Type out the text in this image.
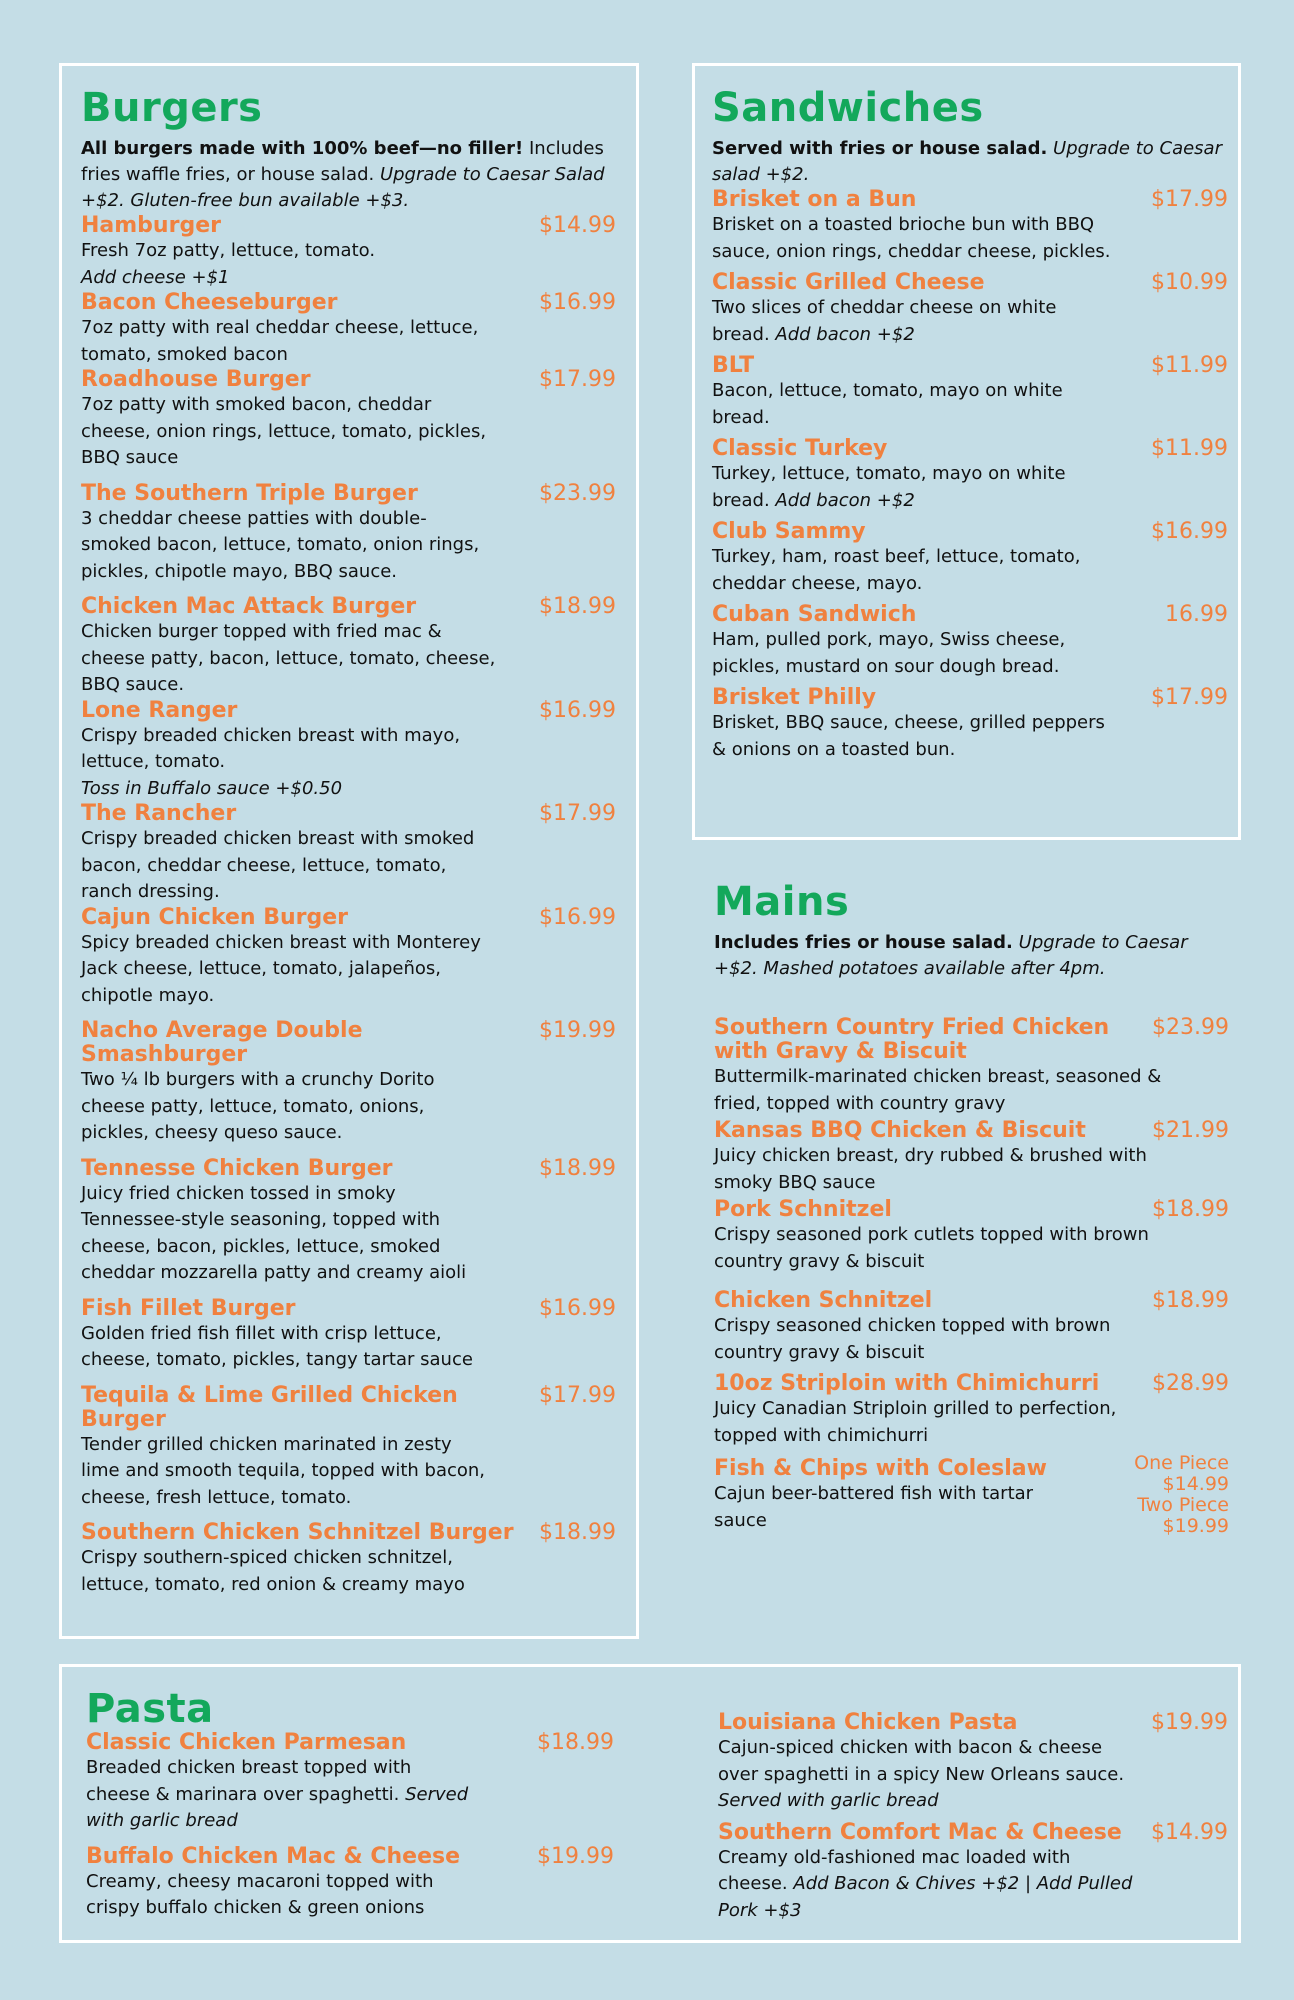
Burgers
All burgers made with 100% beef—no filler! Includes fries waffle fries, or house salad. Upgrade to Caesar Salad +$2. Gluten-free bun available +$3.
Hamburger	$14.99
Fresh 7oz patty, lettuce, tomato.
Add cheese +$1
Bacon Cheeseburger	$16.99
7oz patty with real cheddar cheese, lettuce, tomato, smoked bacon
Roadhouse Burger	$17.99
7oz patty with smoked bacon, cheddar cheese, onion rings, lettuce, tomato, pickles, BBQ sauce
The Southern Triple Burger	$23.99
3 cheddar cheese patties with double-smoked bacon, lettuce, tomato, onion rings, pickles, chipotle mayo, BBQ sauce.
Chicken Mac Attack Burger	$18.99
Chicken burger topped with fried mac & cheese patty, bacon, lettuce, tomato, cheese, BBQ sauce.
Lone Ranger	$16.99
Crispy breaded chicken breast with mayo, lettuce, tomato.
Toss in Buffalo sauce +$0.50
The Rancher	$17.99
Crispy breaded chicken breast with smoked bacon, cheddar cheese, lettuce, tomato, ranch dressing.
Cajun Chicken Burger	$16.99
Spicy breaded chicken breast with Monterey Jack cheese, lettuce, tomato, jalapeños, chipotle mayo.
Nacho Average Double Smashburger
$19.99
Two ¼ lb burgers with a crunchy Dorito cheese patty, lettuce, tomato, onions, pickles, cheesy queso sauce.
Tennesse Chicken Burger	$18.99
Juicy fried chicken tossed in smoky Tennessee-style seasoning, topped with cheese, bacon, pickles, lettuce, smoked cheddar mozzarella patty and creamy aioli
Fish Fillet Burger	$16.99
Golden fried fish fillet with crisp lettuce, cheese, tomato, pickles, tangy tartar sauce
Tequila & Lime Grilled Chicken Burger
$17.99
Tender grilled chicken marinated in zesty lime and smooth tequila, topped with bacon, cheese, fresh lettuce, tomato.
Southern Chicken Schnitzel Burger	$18.99
Crispy southern-spiced chicken schnitzel, lettuce, tomato, red onion & creamy mayo
Sandwiches
Served with fries or house salad. Upgrade to Caesar salad +$2.
Brisket on a Bun	$17.99
Brisket on a toasted brioche bun with BBQ sauce, onion rings, cheddar cheese, pickles.
Classic Grilled Cheese	$10.99
Two slices of cheddar cheese on white bread. Add bacon +$2
BLT	$11.99
Bacon, lettuce, tomato, mayo on white bread.
Classic Turkey	$11.99
Turkey, lettuce, tomato, mayo on white bread. Add bacon +$2
Club Sammy	$16.99
Turkey, ham, roast beef, lettuce, tomato, cheddar cheese, mayo.
Cuban Sandwich	16.99
Ham, pulled pork, mayo, Swiss cheese, pickles, mustard on sour dough bread.
Brisket Philly	$17.99
Brisket, BBQ sauce, cheese, grilled peppers & onions on a toasted bun.
Mains
Includes fries or house salad. Upgrade to Caesar +$2. Mashed potatoes available after 4pm.
Southern Country Fried Chicken with Gravy & Biscuit
$23.99
Buttermilk-marinated chicken breast, seasoned & fried, topped with country gravy
Kansas BBQ Chicken & Biscuit	$21.99
Juicy chicken breast, dry rubbed & brushed with smoky BBQ sauce
Pork Schnitzel	$18.99
Crispy seasoned pork cutlets topped with brown country gravy & biscuit
Chicken Schnitzel	$18.99
Crispy seasoned chicken topped with brown country gravy & biscuit
10oz Striploin with Chimichurri	$28.99
Juicy Canadian Striploin grilled to perfection, topped with chimichurri
Fish & Chips with Coleslaw	One Piece
$14.99
Two Piece
$19.99
Cajun beer-battered fish with tartar sauce
Pasta
Classic Chicken Parmesan	$18.99
Breaded chicken breast topped with cheese & marinara over spaghetti. Served with garlic bread
Buffalo Chicken Mac & Cheese	$19.99
Creamy, cheesy macaroni topped with crispy buffalo chicken & green onions
Louisiana Chicken Pasta	$19.99
Cajun-spiced chicken with bacon & cheese over spaghetti in a spicy New Orleans sauce. Served with garlic bread
Southern Comfort Mac & Cheese	$14.99
Creamy old-fashioned mac loaded with cheese. Add Bacon & Chives +$2 | Add Pulled Pork +$3
